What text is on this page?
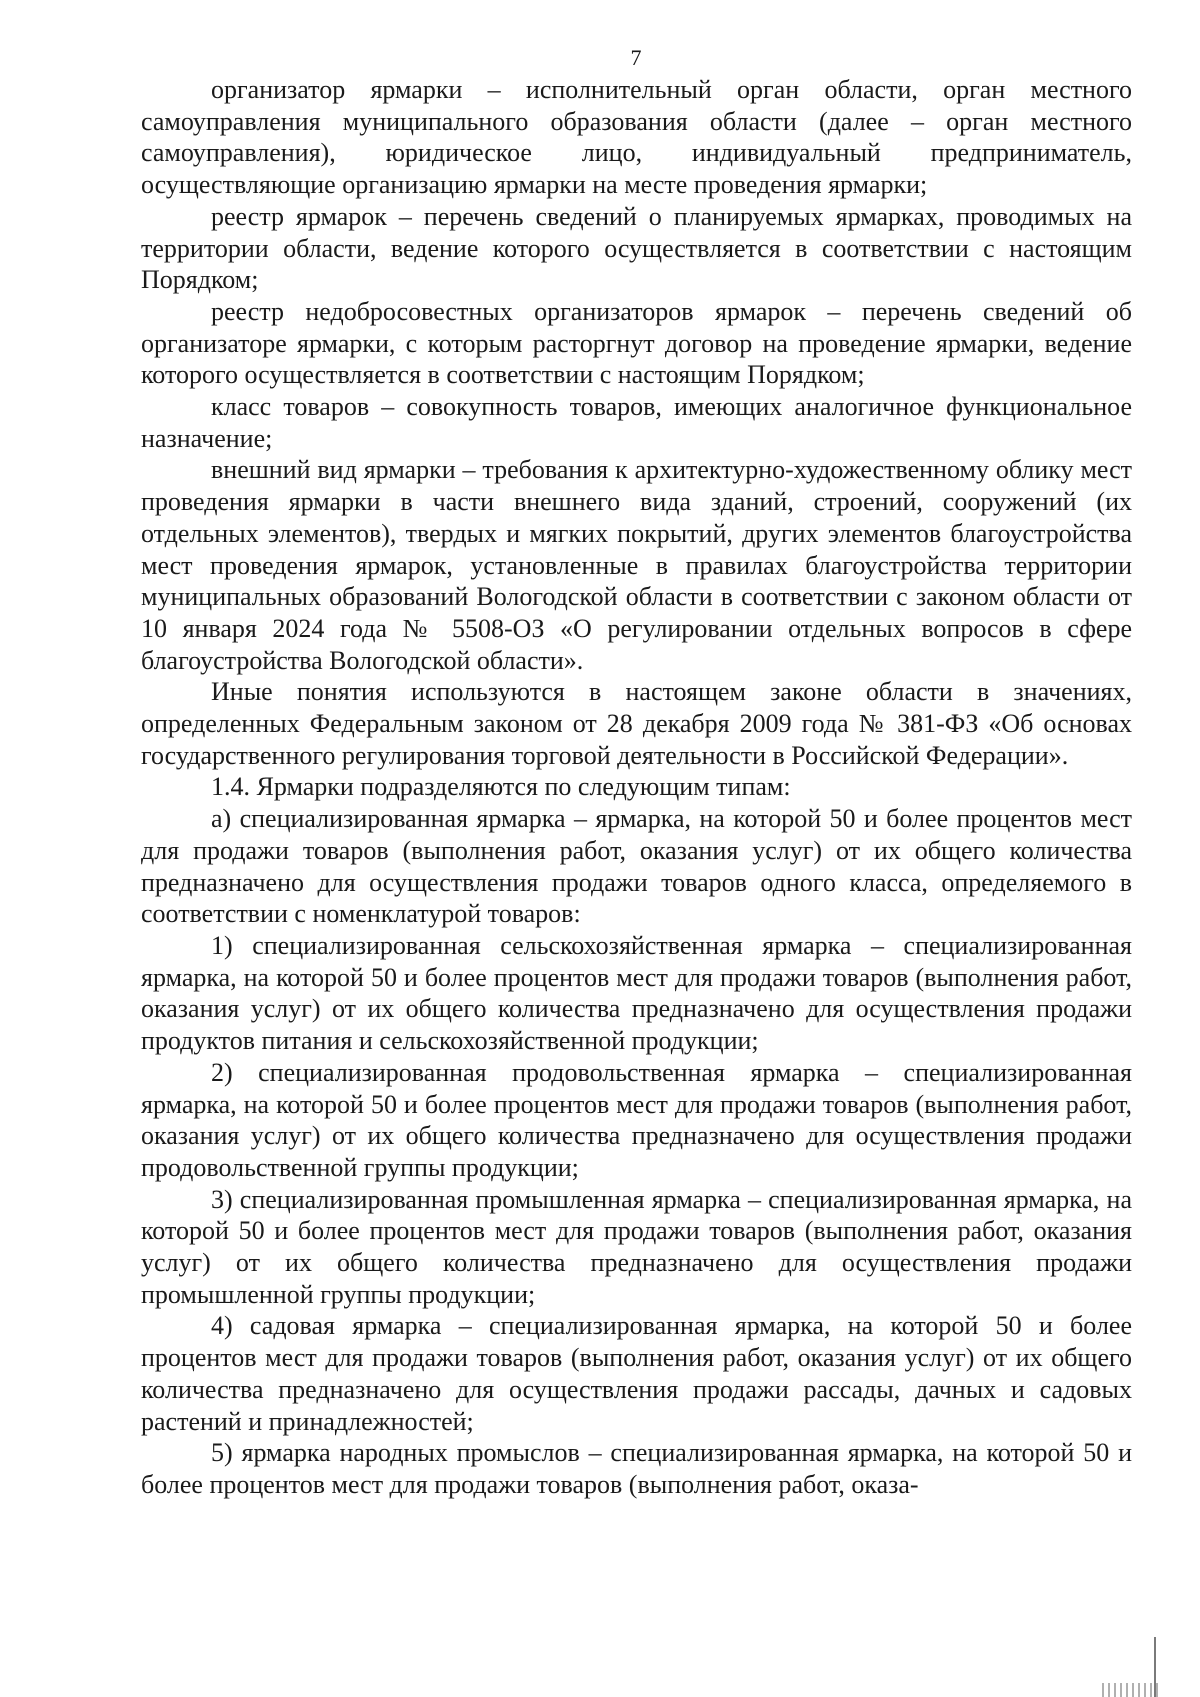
7

организатор ярмарки – исполнительный орган области, орган местного самоуправления муниципального образования области (далее – орган местного самоуправления), юридическое лицо, индивидуальный предприниматель, осуществляющие организацию ярмарки на месте проведения ярмарки;

реестр ярмарок – перечень сведений о планируемых ярмарках, проводимых на территории области, ведение которого осуществляется в соответствии с настоящим Порядком;

реестр недобросовестных организаторов ярмарок – перечень сведений об организаторе ярмарки, с которым расторгнут договор на проведение ярмарки, ведение которого осуществляется в соответствии с настоящим Порядком;

класс товаров – совокупность товаров, имеющих аналогичное функциональное назначение;

внешний вид ярмарки – требования к архитектурно-художественному облику мест проведения ярмарки в части внешнего вида зданий, строений, сооружений (их отдельных элементов), твердых и мягких покрытий, других элементов благоустройства мест проведения ярмарок, установленные в правилах благоустройства территории муниципальных образований Вологодской области в соответствии с законом области от 10 января 2024 года № 5508-ОЗ «О регулировании отдельных вопросов в сфере благоустройства Вологодской области».

Иные понятия используются в настоящем законе области в значениях, определенных Федеральным законом от 28 декабря 2009 года № 381-ФЗ «Об основах государственного регулирования торговой деятельности в Российской Федерации».

1.4. Ярмарки подразделяются по следующим типам:

а) специализированная ярмарка – ярмарка, на которой 50 и более процентов мест для продажи товаров (выполнения работ, оказания услуг) от их общего количества предназначено для осуществления продажи товаров одного класса, определяемого в соответствии с номенклатурой товаров:

1) специализированная сельскохозяйственная ярмарка – специализированная ярмарка, на которой 50 и более процентов мест для продажи товаров (выполнения работ, оказания услуг) от их общего количества предназначено для осуществления продажи продуктов питания и сельскохозяйственной продукции;

2) специализированная продовольственная ярмарка – специализированная ярмарка, на которой 50 и более процентов мест для продажи товаров (выполнения работ, оказания услуг) от их общего количества предназначено для осуществления продажи продовольственной группы продукции;

3) специализированная промышленная ярмарка – специализированная ярмарка, на которой 50 и более процентов мест для продажи товаров (выполнения работ, оказания услуг) от их общего количества предназначено для осуществления продажи промышленной группы продукции;

4) садовая ярмарка – специализированная ярмарка, на которой 50 и более процентов мест для продажи товаров (выполнения работ, оказания услуг) от их общего количества предназначено для осуществления продажи рассады, дачных и садовых растений и принадлежностей;

5) ярмарка народных промыслов – специализированная ярмарка, на которой 50 и более процентов мест для продажи товаров (выполнения работ, оказа-
